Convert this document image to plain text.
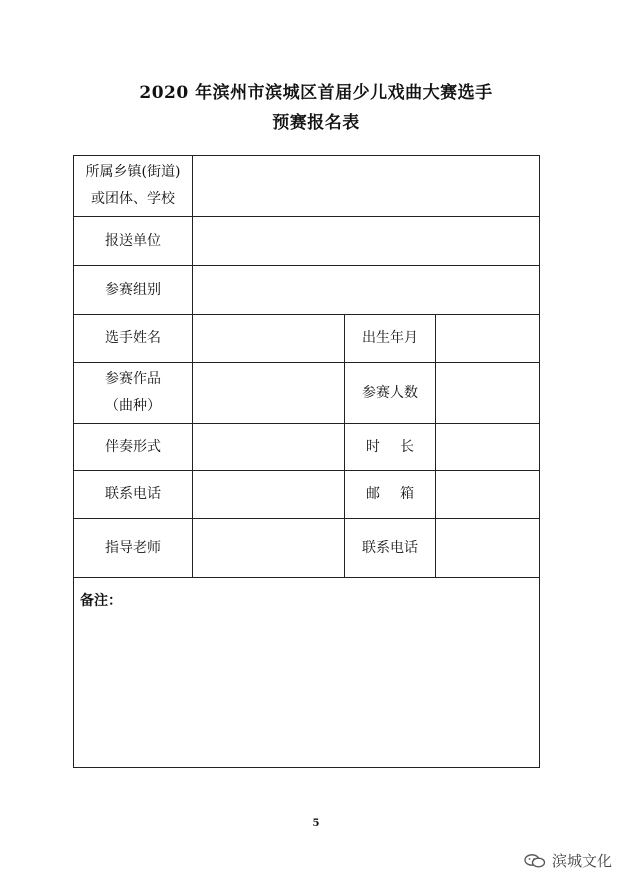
2020 年滨州市滨城区首届少儿戏曲大赛选手
预赛报名表
所属乡镇(街道)
或团体、学校			

报送单位			
参赛组别			
选手姓名		出生年月	

参赛作品
（曲种）		参赛人数	
伴奏形式		时长	
联系电话		邮箱	
指导老师		联系电话	
备注：			
5
滨城文化
